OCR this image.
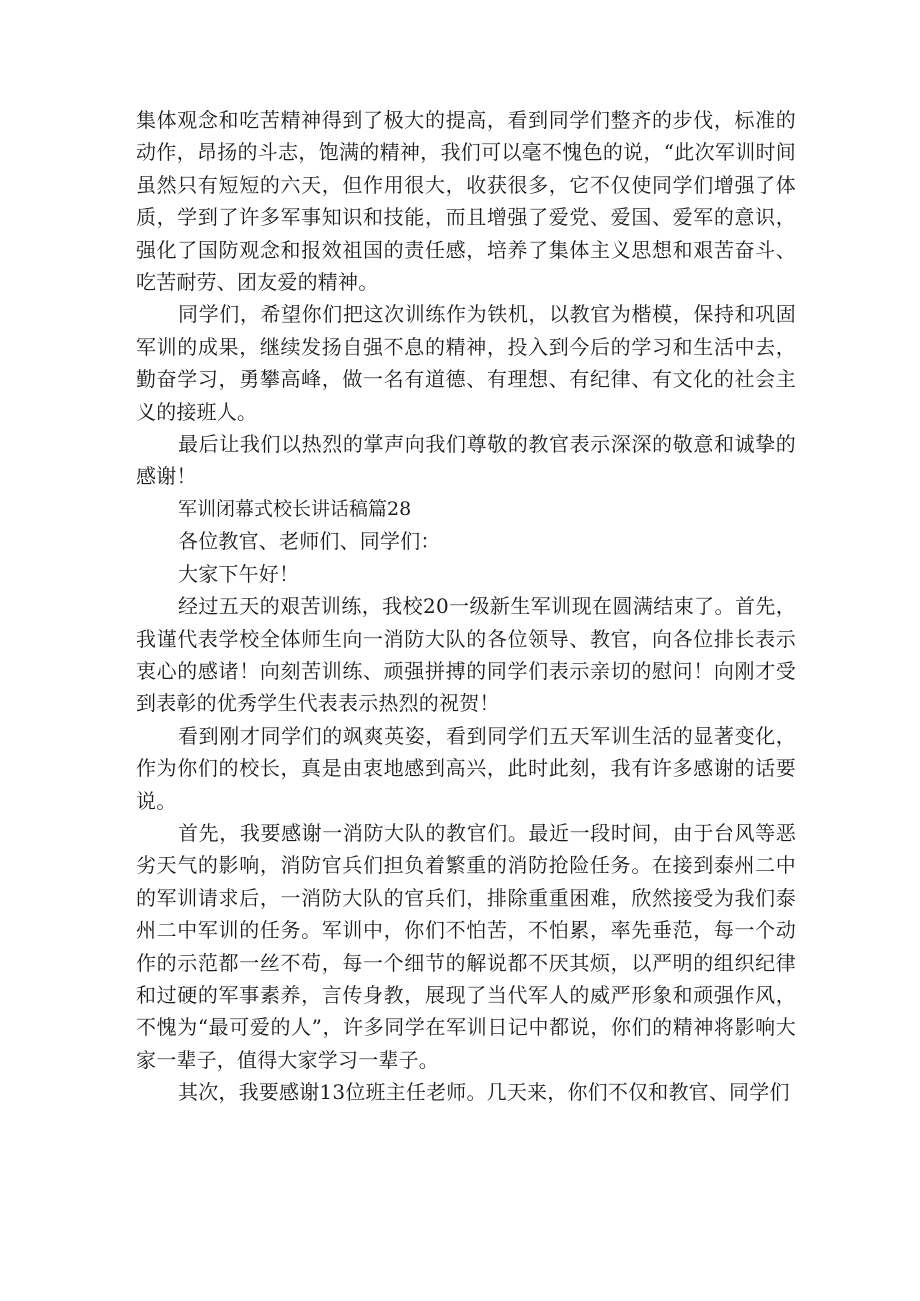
集体观念和吃苦精神得到了极大的提高，看到同学们整齐的步伐，标准的动作，昂扬的斗志，饱满的精神，我们可以毫不愧色的说，“此次军训时间虽然只有短短的六天，但作用很大，收获很多，它不仅使同学们增强了体质，学到了许多军事知识和技能，而且增强了爱党、爱国、爱军的意识，强化了国防观念和报效祖国的责任感，培养了集体主义思想和艰苦奋斗、吃苦耐劳、团友爱的精神。

同学们，希望你们把这次训练作为铁机，以教官为楷模，保持和巩固军训的成果，继续发扬自强不息的精神，投入到今后的学习和生活中去，勤奋学习，勇攀高峰，做一名有道德、有理想、有纪律、有文化的社会主义的接班人。

最后让我们以热烈的掌声向我们尊敬的教官表示深深的敬意和诚挚的感谢！

军训闭幕式校长讲话稿篇28

各位教官、老师们、同学们：

大家下午好！

经过五天的艰苦训练，我校20一级新生军训现在圆满结束了。首先，我谨代表学校全体师生向一消防大队的各位领导、教官，向各位排长表示衷心的感诸！向刻苦训练、顽强拼搏的同学们表示亲切的慰问！向刚才受到表彰的优秀学生代表表示热烈的祝贺！

看到刚才同学们的飒爽英姿，看到同学们五天军训生活的显著变化，作为你们的校长，真是由衷地感到高兴，此时此刻，我有许多感谢的话要说。

首先，我要感谢一消防大队的教官们。最近一段时间，由于台风等恶劣天气的影响，消防官兵们担负着繁重的消防抢险任务。在接到泰州二中的军训请求后，一消防大队的官兵们，排除重重困难，欣然接受为我们泰州二中军训的任务。军训中，你们不怕苦，不怕累，率先垂范，每一个动作的示范都一丝不苟，每一个细节的解说都不厌其烦，以严明的组织纪律和过硬的军事素养，言传身教，展现了当代军人的威严形象和顽强作风，不愧为“最可爱的人”，许多同学在军训日记中都说，你们的精神将影响大家一辈子，值得大家学习一辈子。

其次，我要感谢13位班主任老师。几天来，你们不仅和教官、同学们
